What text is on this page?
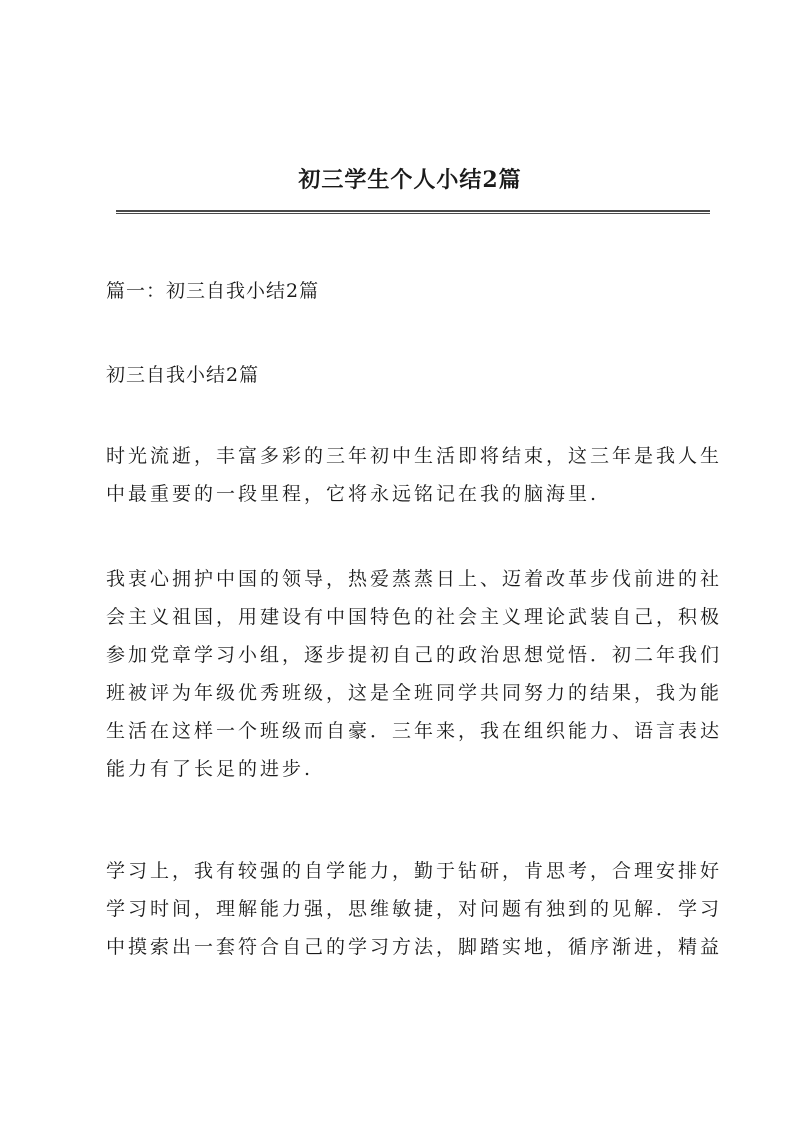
初三学生个人小结2篇
篇一：初三自我小结2篇
初三自我小结2篇
时光流逝，丰富多彩的三年初中生活即将结束，这三年是我人生
中最重要的一段里程，它将永远铭记在我的脑海里.
我衷心拥护中国的领导，热爱蒸蒸日上、迈着改革步伐前进的社
会主义祖国，用建设有中国特色的社会主义理论武装自己，积极
参加党章学习小组，逐步提初自己的政治思想觉悟．初二年我们
班被评为年级优秀班级，这是全班同学共同努力的结果，我为能
生活在这样一个班级而自豪．三年来，我在组织能力、语言表达
能力有了长足的进步.
学习上，我有较强的自学能力，勤于钻研，肯思考，合理安排好
学习时间，理解能力强，思维敏捷，对问题有独到的见解．学习
中摸索出一套符合自己的学习方法，脚踏实地，循序渐进，精益
